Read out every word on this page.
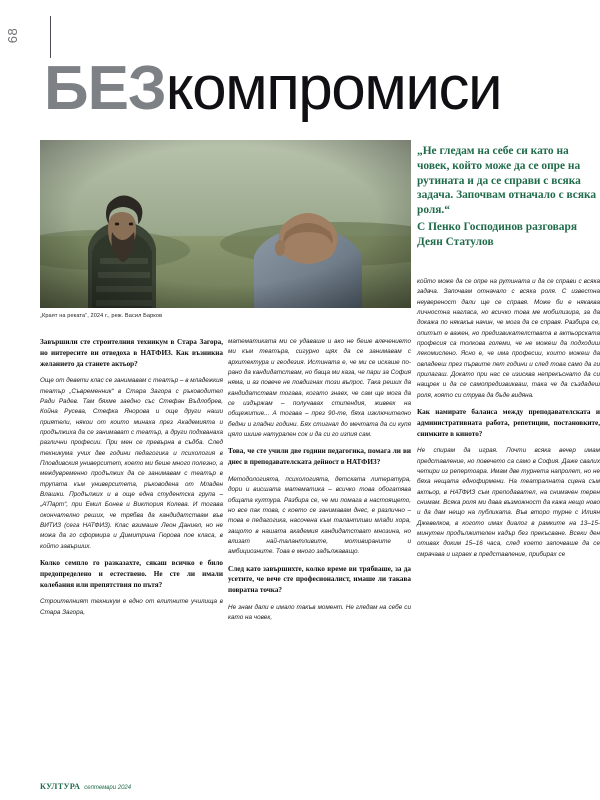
68
БЕЗкомпромиси
„Краят на реката“, 2024 г., реж. Васил Барков
„Не гледам на себе си като на човек, който може да се опре на рутината и да се справи с всяка задача. Започвам отначало с всяка роля.“
С Пенко Господинов разговаря Деян Статулов

Завършили сте строителния техникум в Стара Загора, но интересите ви отведоха в НАТФИЗ. Как възникна желанието да станете актьор?

Още от девети клас се занимавам с театър – в младежкия театър „Съвременник“ в Стара Загора с ръководител Ради Радев. Там бяхме заедно със Стефан Въдлобрев, Койна Русева, Стефка Янорова и още други наши приятели, някои от които минаха през Академията и продължиха да се занимават с театър, а други подхванаха различни професии. При мен се превърна в съдба. След техникума учих две години педагогика и психология в Пловдивския университет, което ми беше много полезно, а междувременно продължих да се занимавам с театър в трупата към университета, ръководена от Младен Влашки. Продължих и в още една студентска група – „А’Парт“, при Емил Бонев и Виктория Колева. И тогава окончателно реших, че трябва да кандидатствам във ВИТИЗ (сега НАТФИЗ). Клас взимаше Леон Даниел, но не можа да го сформира и Димитрина Гюрова пое класа, в който завърших.

Колко семпло го разказахте, сякаш всичко е било предопределено и естествено. Не сте ли имали колебания или препятствия по пътя?

Строителният техникум е едно от елитните училища в Стара Загора,

математиката ми се удаваше и ако не беше влечението ми към театъра, сигурно щях да се занимавам с архитектура и геодезия. Истината е, че ми се искаше по-рано да кандидатствам, но баща ми каза, че пари за София няма, и аз повече не повдигнах този въпрос. Така реших да кандидатствам тогава, когато знаех, че сам ще мога да се издържам – получавах стипендия, живеех на общежитие... А тогава – през 90-те, бяха изключително бедни и гладни години. Бях стигнал до мечтата да си купя цяло шише натурален сок и да си го изпия сам.

Това, че сте учили две години педагогика, помага ли ви днес в преподавателската дейност в НАТФИЗ?

Методологията, психологията, детската литература, дори и висшата математика – всичко това обогатява общата култура. Разбира се, че ми помага в настоящето, но все пак това, с което се занимавам днес, е различно – това е педагогика, насочена към талантливи млади хора, защото в нашата академия кандидатстват мнозина, но влизат най-талантливите, мотивираните и амбициозните. Това е много задължаващо.

След като завършихте, колко време ви трябваше, за да усетите, че вече сте професионалист, имаше ли такава повратна точка?

Не знам дали е имало такъв момент. Не гледам на себе си като на човек,

който може да се опре на рутината и да се справи с всяка задача. Започвам отначало с всяка роля. С известна неувереност дали ще се справя. Може би е някаква личностна нагласа, но всичко това ме мобилизира, за да докажа по някакъв начин, че мога да се справя. Разбира се, опитът е важен, но предизвикателствата в актьорската професия са толкова големи, че не можеш да подходиш лекомислено. Ясно е, че има професии, които можеш да овладееш през първите пет години и след това само да ги прилагаш. Докато при нас се изисква непрекъснато да си нащрек и да се самопредизвикваш, така че да създадеш роля, която си струва да бъде видяна.

Как намирате баланса между преподавателската и административната работа, репетиции, постановките, снимките в киното?

Не спирам да играя. Почти всяка вечер имам представление, но повечето са само в София. Даже свалих четири из репертоара. Имам две турнета напролет, но не бяха нещата еднофирмени. На театралната сцена съм актьор, в НАТФИЗ съм преподавател, на снимачен терен снимам. Всяка роля ми дава възможност да кажа нещо ново и да дам нещо на публиката. Във второ турне с Илиян Джевелков, в когото имах диалог в рамките на 13–15-минутен продължителен кадър без прекъсване. Всеки ден отивах доким 15–16 часа, след което започваше да се смрачава и играех в представление, прибирах се

КУЛТУРА септември 2024
